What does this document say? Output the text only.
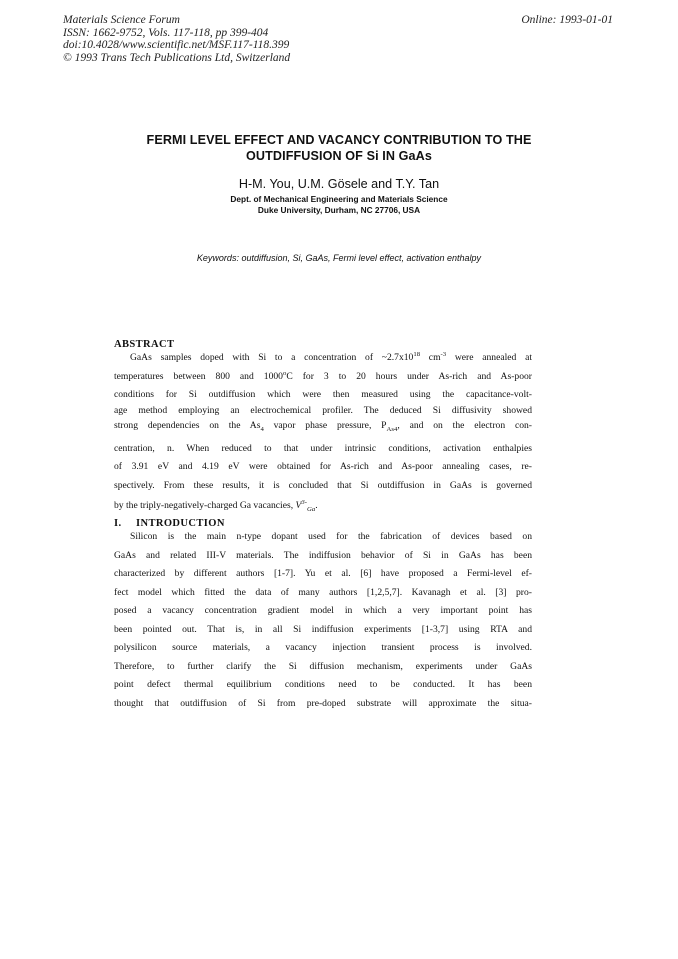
Materials Science Forum
ISSN: 1662-9752, Vols. 117-118, pp 399-404
doi:10.4028/www.scientific.net/MSF.117-118.399
© 1993 Trans Tech Publications Ltd, Switzerland
Online: 1993-01-01
FERMI LEVEL EFFECT AND VACANCY CONTRIBUTION TO THE
OUTDIFFUSION OF Si IN GaAs
H-M. You, U.M. Gösele and T.Y. Tan
Dept. of Mechanical Engineering and Materials Science
Duke University, Durham, NC 27706, USA
Keywords: outdiffusion, Si, GaAs, Fermi level effect, activation enthalpy
ABSTRACT
GaAs samples doped with Si to a concentration of $\sim 2.7x10^{18}$ $cm^{-3}$ were annealed at
temperatures between 800 and 1000$^o$C for 3 to 20 hours under As-rich and As-poor
conditions for Si outdiffusion which were then measured using the capacitance-volt-
age method employing an electrochemical profiler. The deduced Si diffusivity showed
strong dependencies on the $As_4$ vapor phase pressure, $P_{As4}$, and on the electron con-
centration, n. When reduced to that under intrinsic conditions, activation enthalpies
of 3.91 eV and 4.19 eV were obtained for As-rich and As-poor annealing cases, re-
spectively. From these results, it is concluded that Si outdiffusion in GaAs is governed
by the triply-negatively-charged Ga vacancies, $V^{3-}_{Ga}$.
I. INTRODUCTION
Silicon is the main n-type dopant used for the fabrication of devices based on
GaAs and related III-V materials. The indiffusion behavior of Si in GaAs has been
characterized by different authors [1-7]. Yu et al. [6] have proposed a Fermi-level ef-
fect model which fitted the data of many authors [1,2,5,7]. Kavanagh et al. [3] pro-
posed a vacancy concentration gradient model in which a very important point has
been pointed out. That is, in all Si indiffusion experiments [1-3,7] using RTA and
polysilicon source materials, a vacancy injection transient process is involved.
Therefore, to further clarify the Si diffusion mechanism, experiments under GaAs
point defect thermal equilibrium conditions need to be conducted. It has been
thought that outdiffusion of Si from pre-doped substrate will approximate the situa-
